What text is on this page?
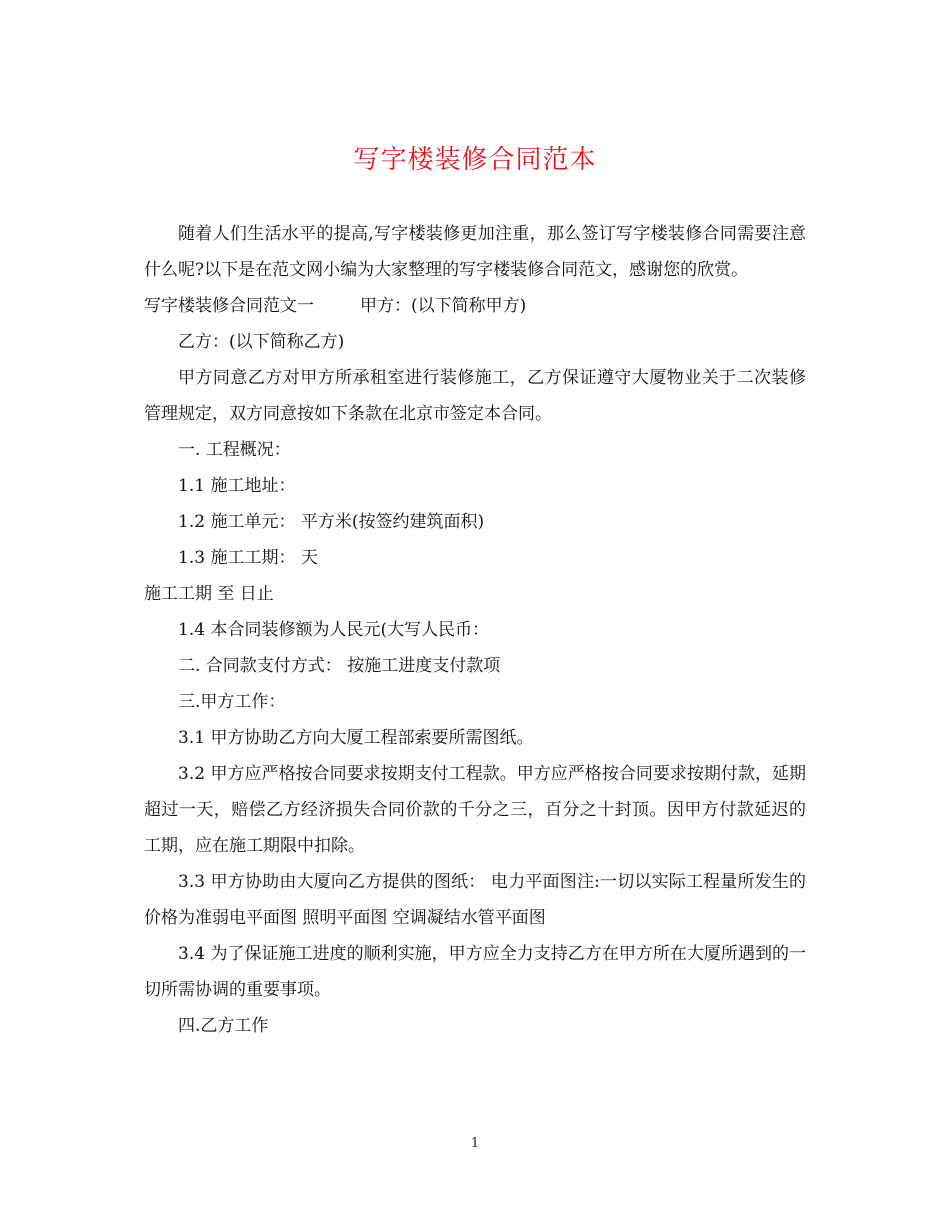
写字楼装修合同范本

随着人们生活水平的提高,写字楼装修更加注重，那么签订写字楼装修合同需要注意什么呢?以下是在范文网小编为大家整理的写字楼装修合同范文，感谢您的欣赏。

写字楼装修合同范文一	甲方：(以下简称甲方)

乙方：(以下简称乙方)

甲方同意乙方对甲方所承租室进行装修施工，乙方保证遵守大厦物业关于二次装修管理规定，双方同意按如下条款在北京市签定本合同。

一. 工程概况：

1.1 施工地址：

1.2 施工单元： 平方米(按签约建筑面积)

1.3 施工工期： 天

施工工期 至 日止

1.4 本合同装修额为人民元(大写人民币：

二. 合同款支付方式： 按施工进度支付款项

三.甲方工作：

3.1 甲方协助乙方向大厦工程部索要所需图纸。

3.2 甲方应严格按合同要求按期支付工程款。甲方应严格按合同要求按期付款，延期超过一天，赔偿乙方经济损失合同价款的千分之三，百分之十封顶。因甲方付款延迟的工期，应在施工期限中扣除。

3.3 甲方协助由大厦向乙方提供的图纸： 电力平面图注:一切以实际工程量所发生的价格为准弱电平面图 照明平面图 空调凝结水管平面图

3.4 为了保证施工进度的顺利实施，甲方应全力支持乙方在甲方所在大厦所遇到的一切所需协调的重要事项。

四.乙方工作

1
